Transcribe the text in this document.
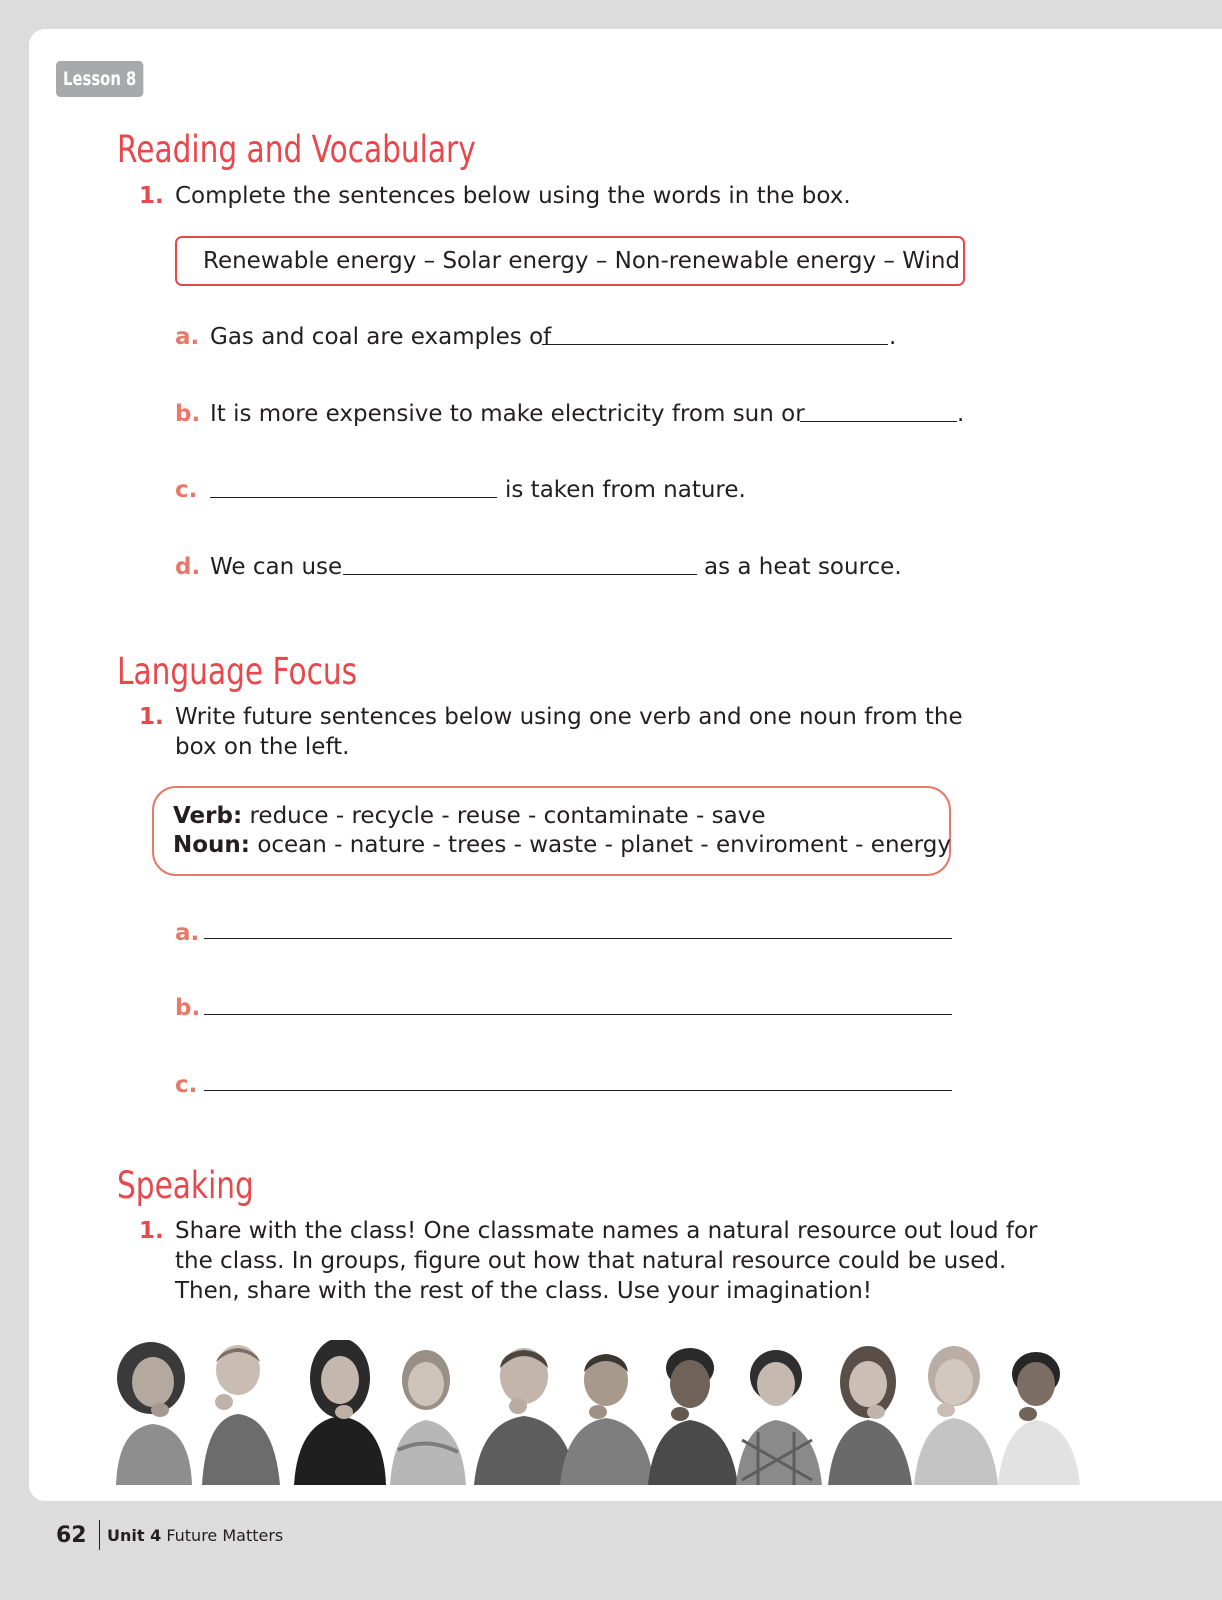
Lesson 8
Reading and Vocabulary
1. Complete the sentences below using the words in the box.
Renewable energy – Solar energy – Non-renewable energy – Wind
a. Gas and coal are examples of	.
b. It is more expensive to make electricity from sun or	.
c.	is taken from nature.
d. We can use	as a heat source.
Language Focus
1. Write future sentences below using one verb and one noun from the
box on the left.
Verb: reduce - recycle - reuse - contaminate - save
Noun: ocean - nature - trees - waste - planet - enviroment - energy
a.
b.
c.
Speaking
1. Share with the class! One classmate names a natural resource out loud for
the class. In groups, figure out how that natural resource could be used.
Then, share with the rest of the class. Use your imagination!
62 Unit 4 Future Matters
